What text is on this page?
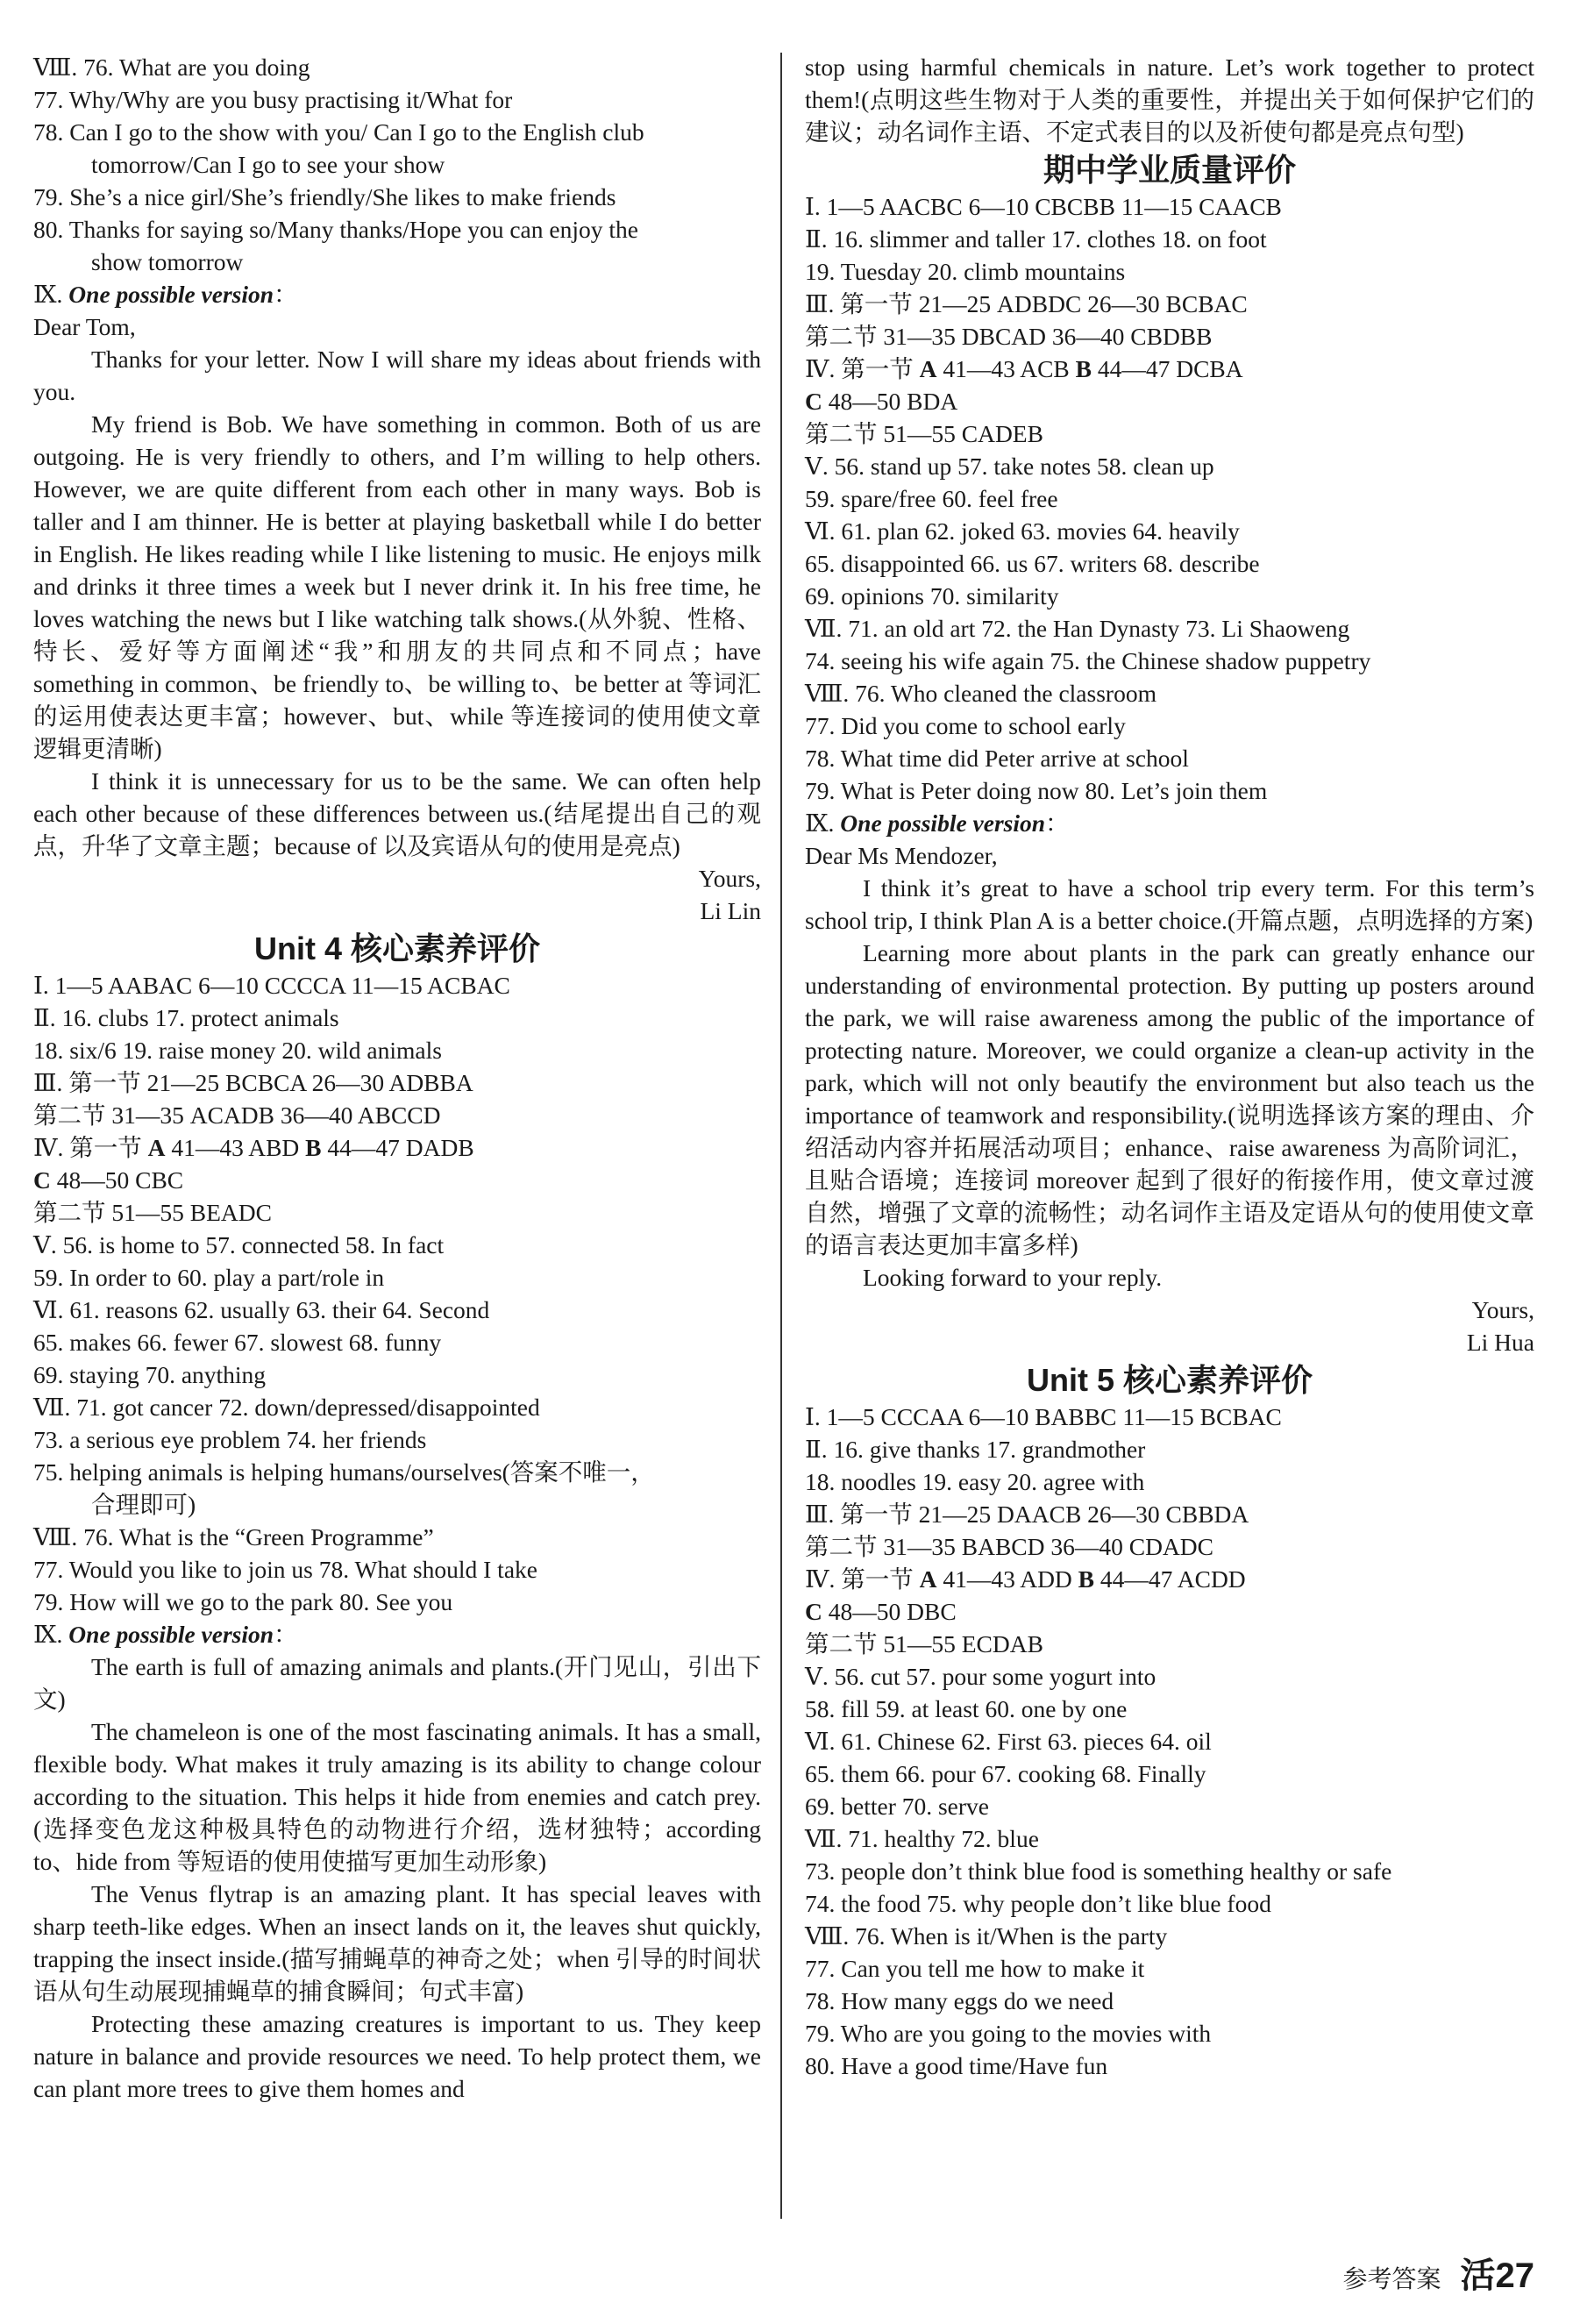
Ⅷ. 76. What are you doing
77. Why/Why are you busy practising it/What for
78. Can I go to the show with you/ Can I go to the English club
tomorrow/Can I go to see your show
79. She’s a nice girl/She’s friendly/She likes to make friends
80. Thanks for saying so/Many thanks/Hope you can enjoy the
show tomorrow
Ⅸ. One possible version：
Dear Tom,
Thanks for your letter. Now I will share my ideas about friends with you.
My friend is Bob. We have something in common. Both of us are outgoing. He is very friendly to others, and I’m willing to help others. However, we are quite different from each other in many ways. Bob is taller and I am thinner. He is better at playing basketball while I do better in English. He likes reading while I like listening to music. He enjoys milk and drinks it three times a week but I never drink it. In his free time, he loves watching the news but I like watching talk shows.(从外貌、性格、特长、爱好等方面阐述“我”和朋友的共同点和不同点；have something in common、be friendly to、be willing to、be better at 等词汇的运用使表达更丰富；however、but、while 等连接词的使用使文章逻辑更清晰)
I think it is unnecessary for us to be the same. We can often help each other because of these differences between us.(结尾提出自己的观点，升华了文章主题；because of 以及宾语从句的使用是亮点)
Yours,
Li Lin
Unit 4 核心素养评价
Ⅰ. 1—5 AABAC 6—10 CCCCA 11—15 ACBAC
Ⅱ. 16. clubs 17. protect animals
18. six/6 19. raise money 20. wild animals
Ⅲ. 第一节 21—25 BCBCA 26—30 ADBBA
第二节 31—35 ACADB 36—40 ABCCD
Ⅳ. 第一节 A 41—43 ABD B 44—47 DADB
C 48—50 CBC
第二节 51—55 BEADC
Ⅴ. 56. is home to 57. connected 58. In fact
59. In order to 60. play a part/role in
Ⅵ. 61. reasons 62. usually 63. their 64. Second
65. makes 66. fewer 67. slowest 68. funny
69. staying 70. anything
Ⅶ. 71. got cancer 72. down/depressed/disappointed
73. a serious eye problem 74. her friends
75. helping animals is helping humans/ourselves(答案不唯一，
合理即可)
Ⅷ. 76. What is the “Green Programme”
77. Would you like to join us 78. What should I take
79. How will we go to the park 80. See you
Ⅸ. One possible version：
The earth is full of amazing animals and plants.(开门见山，引出下文)
The chameleon is one of the most fascinating animals. It has a small, flexible body. What makes it truly amazing is its ability to change colour according to the situation. This helps it hide from enemies and catch prey.(选择变色龙这种极具特色的动物进行介绍，选材独特；according to、hide from 等短语的使用使描写更加生动形象)
The Venus flytrap is an amazing plant. It has special leaves with sharp teeth-like edges. When an insect lands on it, the leaves shut quickly, trapping the insect inside.(描写捕蝇草的神奇之处；when 引导的时间状语从句生动展现捕蝇草的捕食瞬间；句式丰富)
Protecting these amazing creatures is important to us. They keep nature in balance and provide resources we need. To help protect them, we can plant more trees to give them homes and
stop using harmful chemicals in nature. Let’s work together to protect them!(点明这些生物对于人类的重要性，并提出关于如何保护它们的建议；动名词作主语、不定式表目的以及祈使句都是亮点句型)
期中学业质量评价
Ⅰ. 1—5 AACBC 6—10 CBCBB 11—15 CAACB
Ⅱ. 16. slimmer and taller 17. clothes 18. on foot
19. Tuesday 20. climb mountains
Ⅲ. 第一节 21—25 ADBDC 26—30 BCBAC
第二节 31—35 DBCAD 36—40 CBDBB
Ⅳ. 第一节 A 41—43 ACB B 44—47 DCBA
C 48—50 BDA
第二节 51—55 CADEB
Ⅴ. 56. stand up 57. take notes 58. clean up
59. spare/free 60. feel free
Ⅵ. 61. plan 62. joked 63. movies 64. heavily
65. disappointed 66. us 67. writers 68. describe
69. opinions 70. similarity
Ⅶ. 71. an old art 72. the Han Dynasty 73. Li Shaoweng
74. seeing his wife again 75. the Chinese shadow puppetry
Ⅷ. 76. Who cleaned the classroom
77. Did you come to school early
78. What time did Peter arrive at school
79. What is Peter doing now 80. Let’s join them
Ⅸ. One possible version：
Dear Ms Mendozer,
I think it’s great to have a school trip every term. For this term’s school trip, I think Plan A is a better choice.(开篇点题，点明选择的方案)
Learning more about plants in the park can greatly enhance our understanding of environmental protection. By putting up posters around the park, we will raise awareness among the public of the importance of protecting nature. Moreover, we could organize a clean-up activity in the park, which will not only beautify the environment but also teach us the importance of teamwork and responsibility.(说明选择该方案的理由、介绍活动内容并拓展活动项目；enhance、raise awareness 为高阶词汇，且贴合语境；连接词 moreover 起到了很好的衔接作用，使文章过渡自然，增强了文章的流畅性；动名词作主语及定语从句的使用使文章的语言表达更加丰富多样)
Looking forward to your reply.
Yours,
Li Hua
Unit 5 核心素养评价
Ⅰ. 1—5 CCCAA 6—10 BABBC 11—15 BCBAC
Ⅱ. 16. give thanks 17. grandmother
18. noodles 19. easy 20. agree with
Ⅲ. 第一节 21—25 DAACB 26—30 CBBDA
第二节 31—35 BABCD 36—40 CDADC
Ⅳ. 第一节 A 41—43 ADD B 44—47 ACDD
C 48—50 DBC
第二节 51—55 ECDAB
Ⅴ. 56. cut 57. pour some yogurt into
58. fill 59. at least 60. one by one
Ⅵ. 61. Chinese 62. First 63. pieces 64. oil
65. them 66. pour 67. cooking 68. Finally
69. better 70. serve
Ⅶ. 71. healthy 72. blue
73. people don’t think blue food is something healthy or safe
74. the food 75. why people don’t like blue food
Ⅷ. 76. When is it/When is the party
77. Can you tell me how to make it
78. How many eggs do we need
79. Who are you going to the movies with
80. Have a good time/Have fun
参考答案 活27
